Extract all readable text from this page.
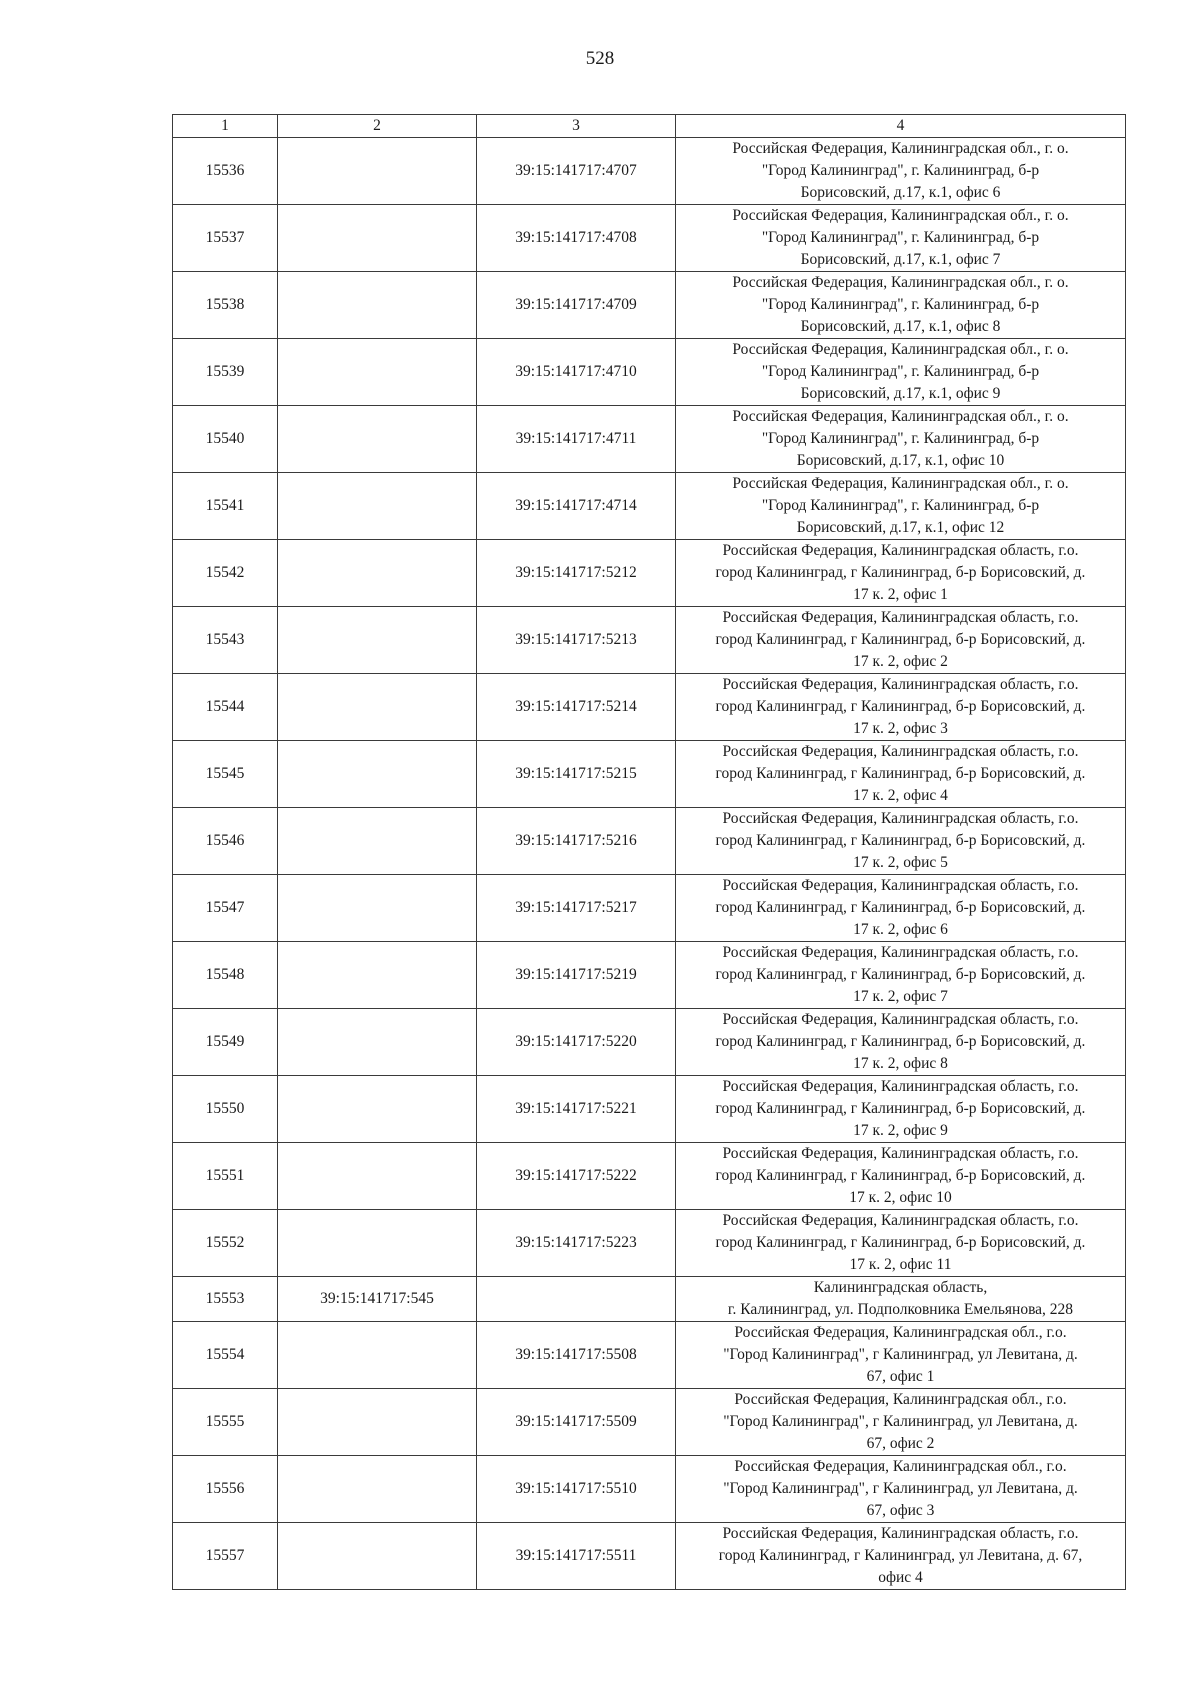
528
1	2	3	4
15536		39:15:141717:4707	Российская Федерация, Калининградская обл., г. о.
"Город Калининград", г. Калининград, б-р
Борисовский, д.17, к.1, офис 6

15537		39:15:141717:4708	Российская Федерация, Калининградская обл., г. о.
"Город Калининград", г. Калининград, б-р
Борисовский, д.17, к.1, офис 7

15538		39:15:141717:4709	Российская Федерация, Калининградская обл., г. о.
"Город Калининград", г. Калининград, б-р
Борисовский, д.17, к.1, офис 8

15539		39:15:141717:4710	Российская Федерация, Калининградская обл., г. о.
"Город Калининград", г. Калининград, б-р
Борисовский, д.17, к.1, офис 9

15540		39:15:141717:4711	Российская Федерация, Калининградская обл., г. о.
"Город Калининград", г. Калининград, б-р
Борисовский, д.17, к.1, офис 10

15541		39:15:141717:4714	Российская Федерация, Калининградская обл., г. о.
"Город Калининград", г. Калининград, б-р
Борисовский, д.17, к.1, офис 12

15542		39:15:141717:5212	Российская Федерация, Калининградская область, г.о.
город Калининград, г Калининград, б-р Борисовский, д.
17 к. 2, офис 1

15543		39:15:141717:5213	Российская Федерация, Калининградская область, г.о.
город Калининград, г Калининград, б-р Борисовский, д.
17 к. 2, офис 2

15544		39:15:141717:5214	Российская Федерация, Калининградская область, г.о.
город Калининград, г Калининград, б-р Борисовский, д.
17 к. 2, офис 3

15545		39:15:141717:5215	Российская Федерация, Калининградская область, г.о.
город Калининград, г Калининград, б-р Борисовский, д.
17 к. 2, офис 4

15546		39:15:141717:5216	Российская Федерация, Калининградская область, г.о.
город Калининград, г Калининград, б-р Борисовский, д.
17 к. 2, офис 5

15547		39:15:141717:5217	Российская Федерация, Калининградская область, г.о.
город Калининград, г Калининград, б-р Борисовский, д.
17 к. 2, офис 6

15548		39:15:141717:5219	Российская Федерация, Калининградская область, г.о.
город Калининград, г Калининград, б-р Борисовский, д.
17 к. 2, офис 7

15549		39:15:141717:5220	Российская Федерация, Калининградская область, г.о.
город Калининград, г Калининград, б-р Борисовский, д.
17 к. 2, офис 8

15550		39:15:141717:5221	Российская Федерация, Калининградская область, г.о.
город Калининград, г Калининград, б-р Борисовский, д.
17 к. 2, офис 9

15551		39:15:141717:5222	Российская Федерация, Калининградская область, г.о.
город Калининград, г Калининград, б-р Борисовский, д.
17 к. 2, офис 10

15552		39:15:141717:5223	Российская Федерация, Калининградская область, г.о.
город Калининград, г Калининград, б-р Борисовский, д.
17 к. 2, офис 11

15553	39:15:141717:545		Калининградская область,
г. Калининград, ул. Подполковника Емельянова, 228

15554		39:15:141717:5508	Российская Федерация, Калининградская обл., г.о.
"Город Калининград", г Калининград, ул Левитана, д.
67, офис 1

15555		39:15:141717:5509	Российская Федерация, Калининградская обл., г.о.
"Город Калининград", г Калининград, ул Левитана, д.
67, офис 2

15556		39:15:141717:5510	Российская Федерация, Калининградская обл., г.о.
"Город Калининград", г Калининград, ул Левитана, д.
67, офис 3

15557		39:15:141717:5511	Российская Федерация, Калининградская область, г.о.
город Калининград, г Калининград, ул Левитана, д. 67,
офис 4
